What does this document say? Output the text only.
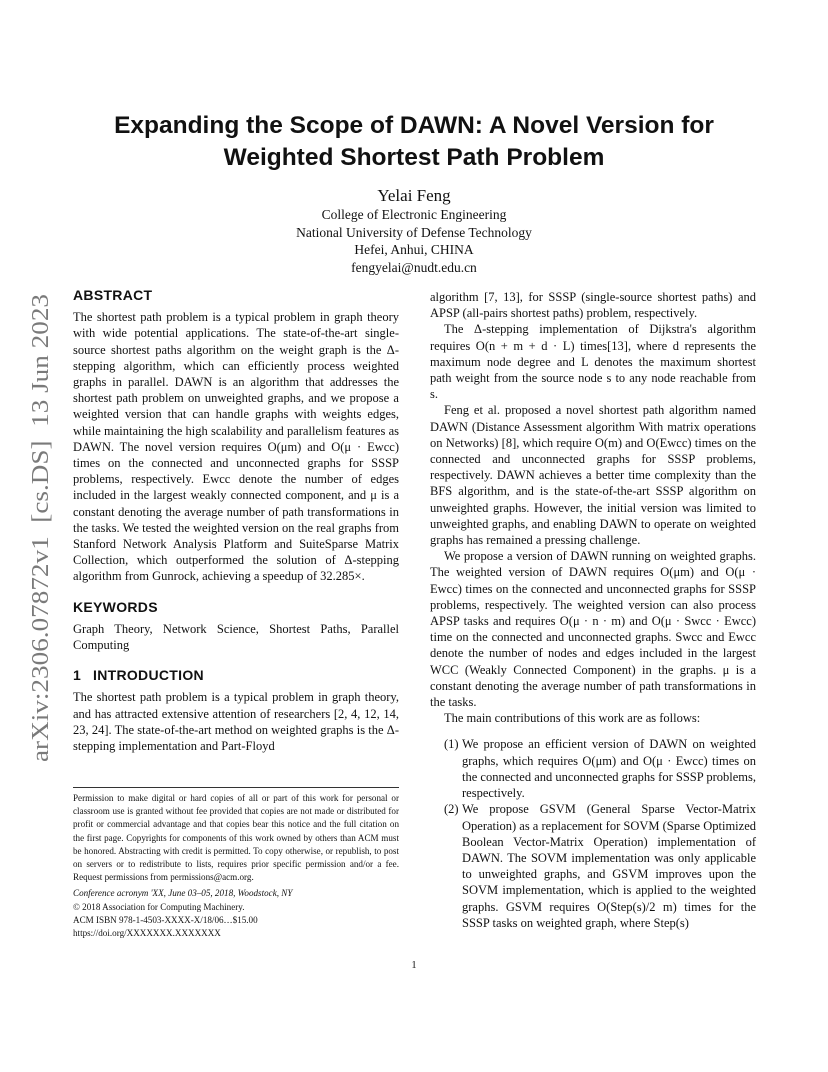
arXiv:2306.07872v1  [cs.DS]  13 Jun 2023
Expanding the Scope of DAWN: A Novel Version for
Weighted Shortest Path Problem
Yelai Feng
College of Electronic Engineering
National University of Defense Technology
Hefei, Anhui, CHINA
fengyelai@nudt.edu.cn
ABSTRACT

The shortest path problem is a typical problem in graph theory with wide potential applications. The state-of-the-art single-source shortest paths algorithm on the weight graph is the Δ-stepping algorithm, which can efficiently process weighted graphs in parallel. DAWN is an algorithm that addresses the shortest path problem on unweighted graphs, and we propose a weighted version that can handle graphs with weights edges, while maintaining the high scalability and parallelism features as DAWN. The novel version requires O(μm) and O(μ · Ewcc) times on the connected and unconnected graphs for SSSP problems, respectively. Ewcc denote the number of edges included in the largest weakly connected component, and μ is a constant denoting the average number of path transformations in the tasks. We tested the weighted version on the real graphs from Stanford Network Analysis Platform and SuiteSparse Matrix Collection, which outperformed the solution of Δ-stepping algorithm from Gunrock, achieving a speedup of 32.285×.

KEYWORDS

Graph Theory, Network Science, Shortest Paths, Parallel Computing

1 INTRODUCTION

The shortest path problem is a typical problem in graph theory, and has attracted extensive attention of researchers [2, 4, 12, 14, 23, 24]. The state-of-the-art method on weighted graphs is the Δ-stepping implementation and Part-Floyd

Permission to make digital or hard copies of all or part of this work for personal or classroom use is granted without fee provided that copies are not made or distributed for profit or commercial advantage and that copies bear this notice and the full citation on the first page. Copyrights for components of this work owned by others than ACM must be honored. Abstracting with credit is permitted. To copy otherwise, or republish, to post on servers or to redistribute to lists, requires prior specific permission and/or a fee. Request permissions from permissions@acm.org.

Conference acronym 'XX, June 03–05, 2018, Woodstock, NY
© 2018 Association for Computing Machinery.
ACM ISBN 978-1-4503-XXXX-X/18/06…$15.00
https://doi.org/XXXXXXX.XXXXXXX

algorithm [7, 13], for SSSP (single-source shortest paths) and APSP (all-pairs shortest paths) problem, respectively.

The Δ-stepping implementation of Dijkstra's algorithm requires O(n + m + d · L) times[13], where d represents the maximum node degree and L denotes the maximum shortest path weight from the source node s to any node reachable from s.

Feng et al. proposed a novel shortest path algorithm named DAWN (Distance Assessment algorithm With matrix operations on Networks) [8], which require O(m) and O(Ewcc) times on the connected and unconnected graphs for SSSP problems, respectively. DAWN achieves a better time complexity than the BFS algorithm, and is the state-of-the-art SSSP algorithm on unweighted graphs. However, the initial version was limited to unweighted graphs, and enabling DAWN to operate on weighted graphs has remained a pressing challenge.

We propose a version of DAWN running on weighted graphs. The weighted version of DAWN requires O(μm) and O(μ · Ewcc) times on the connected and unconnected graphs for SSSP problems, respectively. The weighted version can also process APSP tasks and requires O(μ · n · m) and O(μ · Swcc · Ewcc) time on the connected and unconnected graphs. Swcc and Ewcc denote the number of nodes and edges included in the largest WCC (Weakly Connected Component) in the graphs. μ is a constant denoting the average number of path transformations in the tasks.

The main contributions of this work are as follows:

(1) We propose an efficient version of DAWN on weighted graphs, which requires O(μm) and O(μ · Ewcc) times on the connected and unconnected graphs for SSSP problems, respectively.
(2) We propose GSVM (General Sparse Vector-Matrix Operation) as a replacement for SOVM (Sparse Optimized Boolean Vector-Matrix Operation) implementation of DAWN. The SOVM implementation was only applicable to unweighted graphs, and GSVM improves upon the SOVM implementation, which is applied to the weighted graphs. GSVM requires O(Step(s)/2 m) times for the SSSP tasks on weighted graph, where Step(s)
1
